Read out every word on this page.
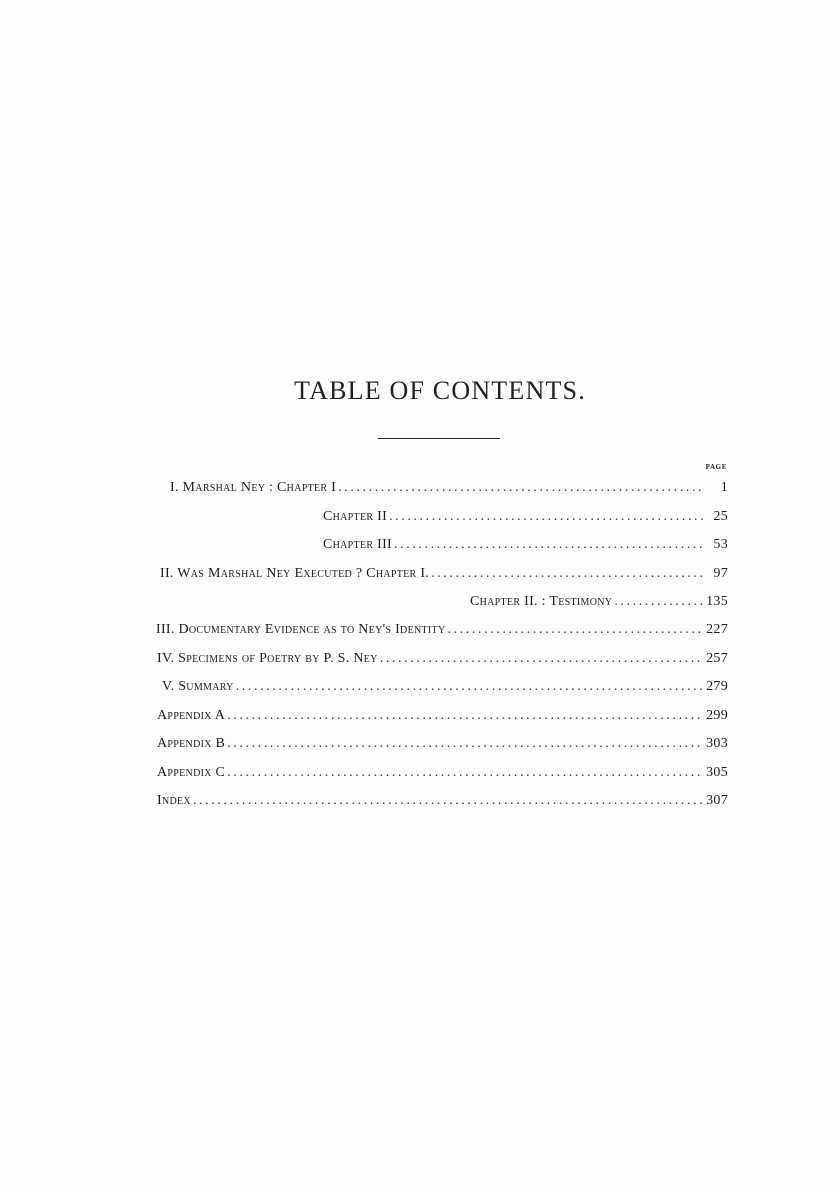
TABLE OF CONTENTS.
PAGE
I. Marshal Ney : Chapter I .....	1
Chapter II .....	25
Chapter III .....	53
II. Was Marshal Ney Executed ? Chapter I. .....	97
Chapter II. : Testimony .....	135
III. Documentary Evidence as to Ney's Identity .....	227
IV. Specimens of Poetry by P. S. Ney .....	257
V. Summary .....	279
Appendix A .....	299
Appendix B .....	303
Appendix C .....	305
Index .....	307
